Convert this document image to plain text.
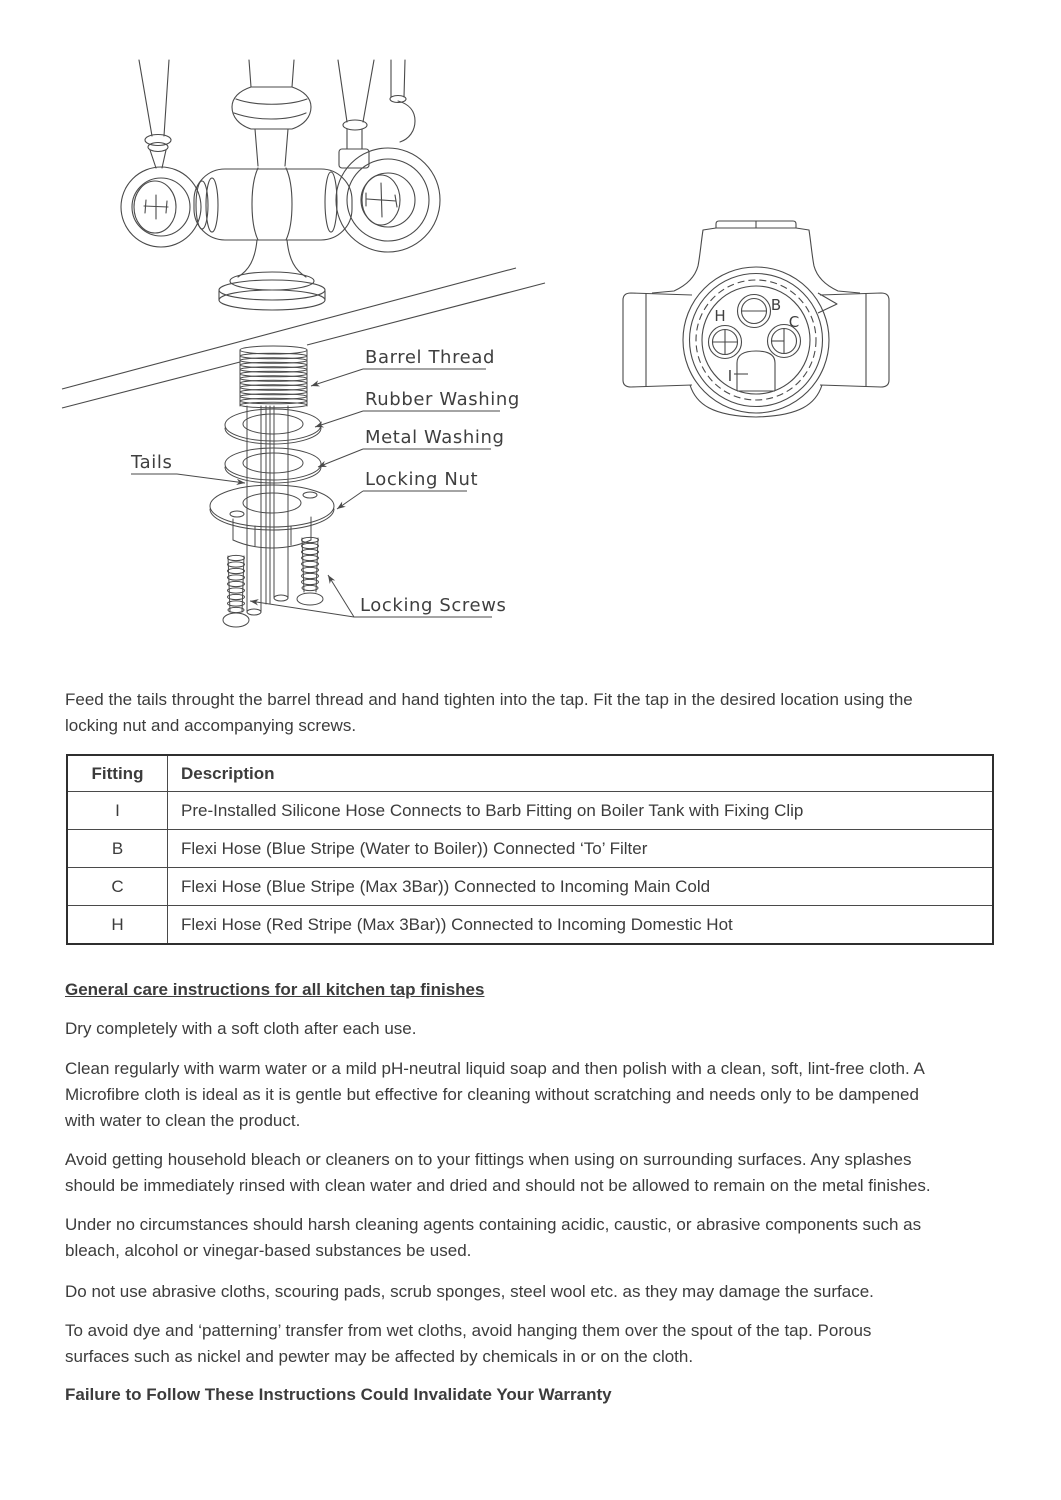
Barrel Thread
Rubber Washing
Metal Washing
Locking Nut
Tails
Locking Screws
H
B
C
I
Feed the tails throught the barrel thread and hand tighten into the tap. Fit the tap in the desired location using the
locking nut and accompanying screws.
Fitting	Description
I	Pre-Installed Silicone Hose Connects to Barb Fitting on Boiler Tank with Fixing Clip
B	Flexi Hose (Blue Stripe (Water to Boiler)) Connected ‘To’ Filter
C	Flexi Hose (Blue Stripe (Max 3Bar)) Connected to Incoming Main Cold
H	Flexi Hose (Red Stripe (Max 3Bar)) Connected to Incoming Domestic Hot
General care instructions for all kitchen tap finishes
Dry completely with a soft cloth after each use.
Clean regularly with warm water or a mild pH-neutral liquid soap and then polish with a clean, soft, lint-free cloth. A
Microfibre cloth is ideal as it is gentle but effective for cleaning without scratching and needs only to be dampened
with water to clean the product.
Avoid getting household bleach or cleaners on to your fittings when using on surrounding surfaces. Any splashes
should be immediately rinsed with clean water and dried and should not be allowed to remain on the metal finishes.
Under no circumstances should harsh cleaning agents containing acidic, caustic, or abrasive components such as
bleach, alcohol or vinegar-based substances be used.
Do not use abrasive cloths, scouring pads, scrub sponges, steel wool etc. as they may damage the surface.
To avoid dye and ‘patterning’ transfer from wet cloths, avoid hanging them over the spout of the tap. Porous
surfaces such as nickel and pewter may be affected by chemicals in or on the cloth.
Failure to Follow These Instructions Could Invalidate Your Warranty
